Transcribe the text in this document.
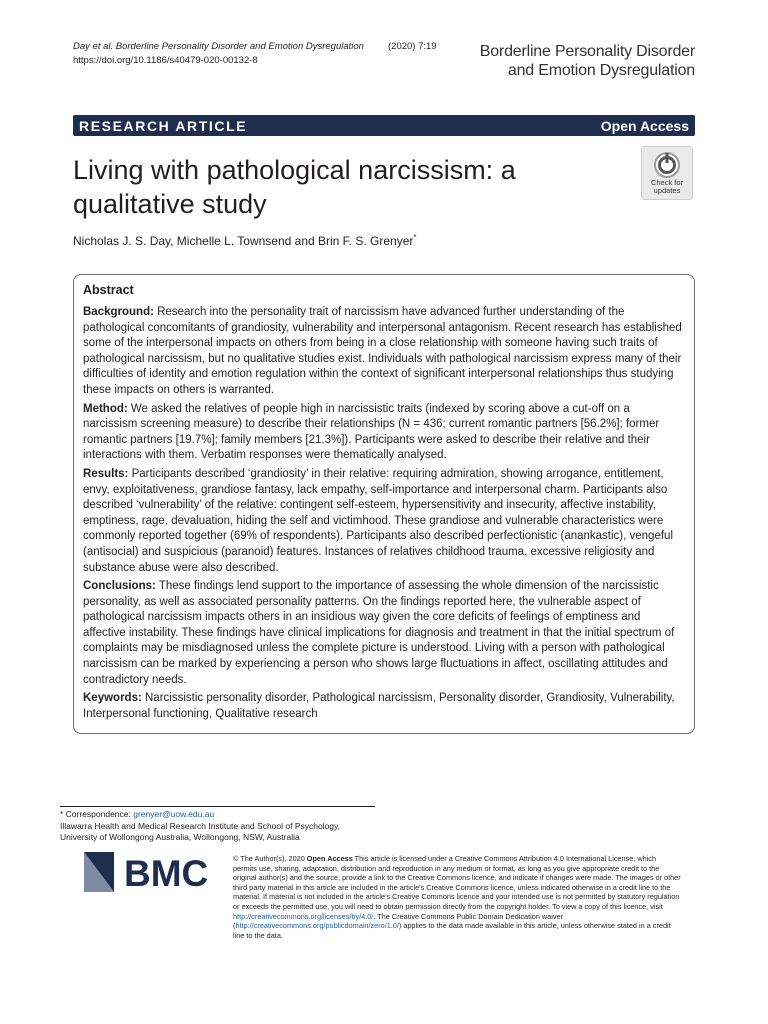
Day et al. Borderline Personality Disorder and Emotion Dysregulation	(2020) 7:19
https://doi.org/10.1186/s40479-020-00132-8
Borderline Personality Disorder
and Emotion Dysregulation
RESEARCH ARTICLE	Open Access
Living with pathological narcissism: a qualitative study
Check for
updates
Nicholas J. S. Day, Michelle L. Townsend and Brin F. S. Grenyer*
Abstract

Background: Research into the personality trait of narcissism have advanced further understanding of the pathological concomitants of grandiosity, vulnerability and interpersonal antagonism. Recent research has established some of the interpersonal impacts on others from being in a close relationship with someone having such traits of pathological narcissism, but no qualitative studies exist. Individuals with pathological narcissism express many of their difficulties of identity and emotion regulation within the context of significant interpersonal relationships thus studying these impacts on others is warranted.

Method: We asked the relatives of people high in narcissistic traits (indexed by scoring above a cut-off on a narcissism screening measure) to describe their relationships (N = 436; current romantic partners [56.2%]; former romantic partners [19.7%]; family members [21.3%]). Participants were asked to describe their relative and their interactions with them. Verbatim responses were thematically analysed.

Results: Participants described ‘grandiosity’ in their relative: requiring admiration, showing arrogance, entitlement, envy, exploitativeness, grandiose fantasy, lack empathy, self-importance and interpersonal charm. Participants also described ‘vulnerability’ of the relative: contingent self-esteem, hypersensitivity and insecurity, affective instability, emptiness, rage, devaluation, hiding the self and victimhood. These grandiose and vulnerable characteristics were commonly reported together (69% of respondents). Participants also described perfectionistic (anankastic), vengeful (antisocial) and suspicious (paranoid) features. Instances of relatives childhood trauma, excessive religiosity and substance abuse were also described.

Conclusions: These findings lend support to the importance of assessing the whole dimension of the narcissistic personality, as well as associated personality patterns. On the findings reported here, the vulnerable aspect of pathological narcissism impacts others in an insidious way given the core deficits of feelings of emptiness and affective instability. These findings have clinical implications for diagnosis and treatment in that the initial spectrum of complaints may be misdiagnosed unless the complete picture is understood. Living with a person with pathological narcissism can be marked by experiencing a person who shows large fluctuations in affect, oscillating attitudes and contradictory needs.

Keywords: Narcissistic personality disorder, Pathological narcissism, Personality disorder, Grandiosity, Vulnerability, Interpersonal functioning, Qualitative research

* Correspondence: grenyer@uow.edu.au
Illawarra Health and Medical Research Institute and School of Psychology,
University of Wollongong Australia, Wollongong, NSW, Australia
BMC	© The Author(s). 2020 Open Access This article is licensed under a Creative Commons Attribution 4.0 International License, which permits use, sharing, adaptation, distribution and reproduction in any medium or format, as long as you give appropriate credit to the original author(s) and the source, provide a link to the Creative Commons licence, and indicate if changes were made. The images or other third party material in this article are included in the article's Creative Commons licence, unless indicated otherwise in a credit line to the material. If material is not included in the article's Creative Commons licence and your intended use is not permitted by statutory regulation or exceeds the permitted use, you will need to obtain permission directly from the copyright holder. To view a copy of this licence, visit http://creativecommons.org/licenses/by/4.0/. The Creative Commons Public Domain Dedication waiver (http://creativecommons.org/publicdomain/zero/1.0/) applies to the data made available in this article, unless otherwise stated in a credit line to the data.
